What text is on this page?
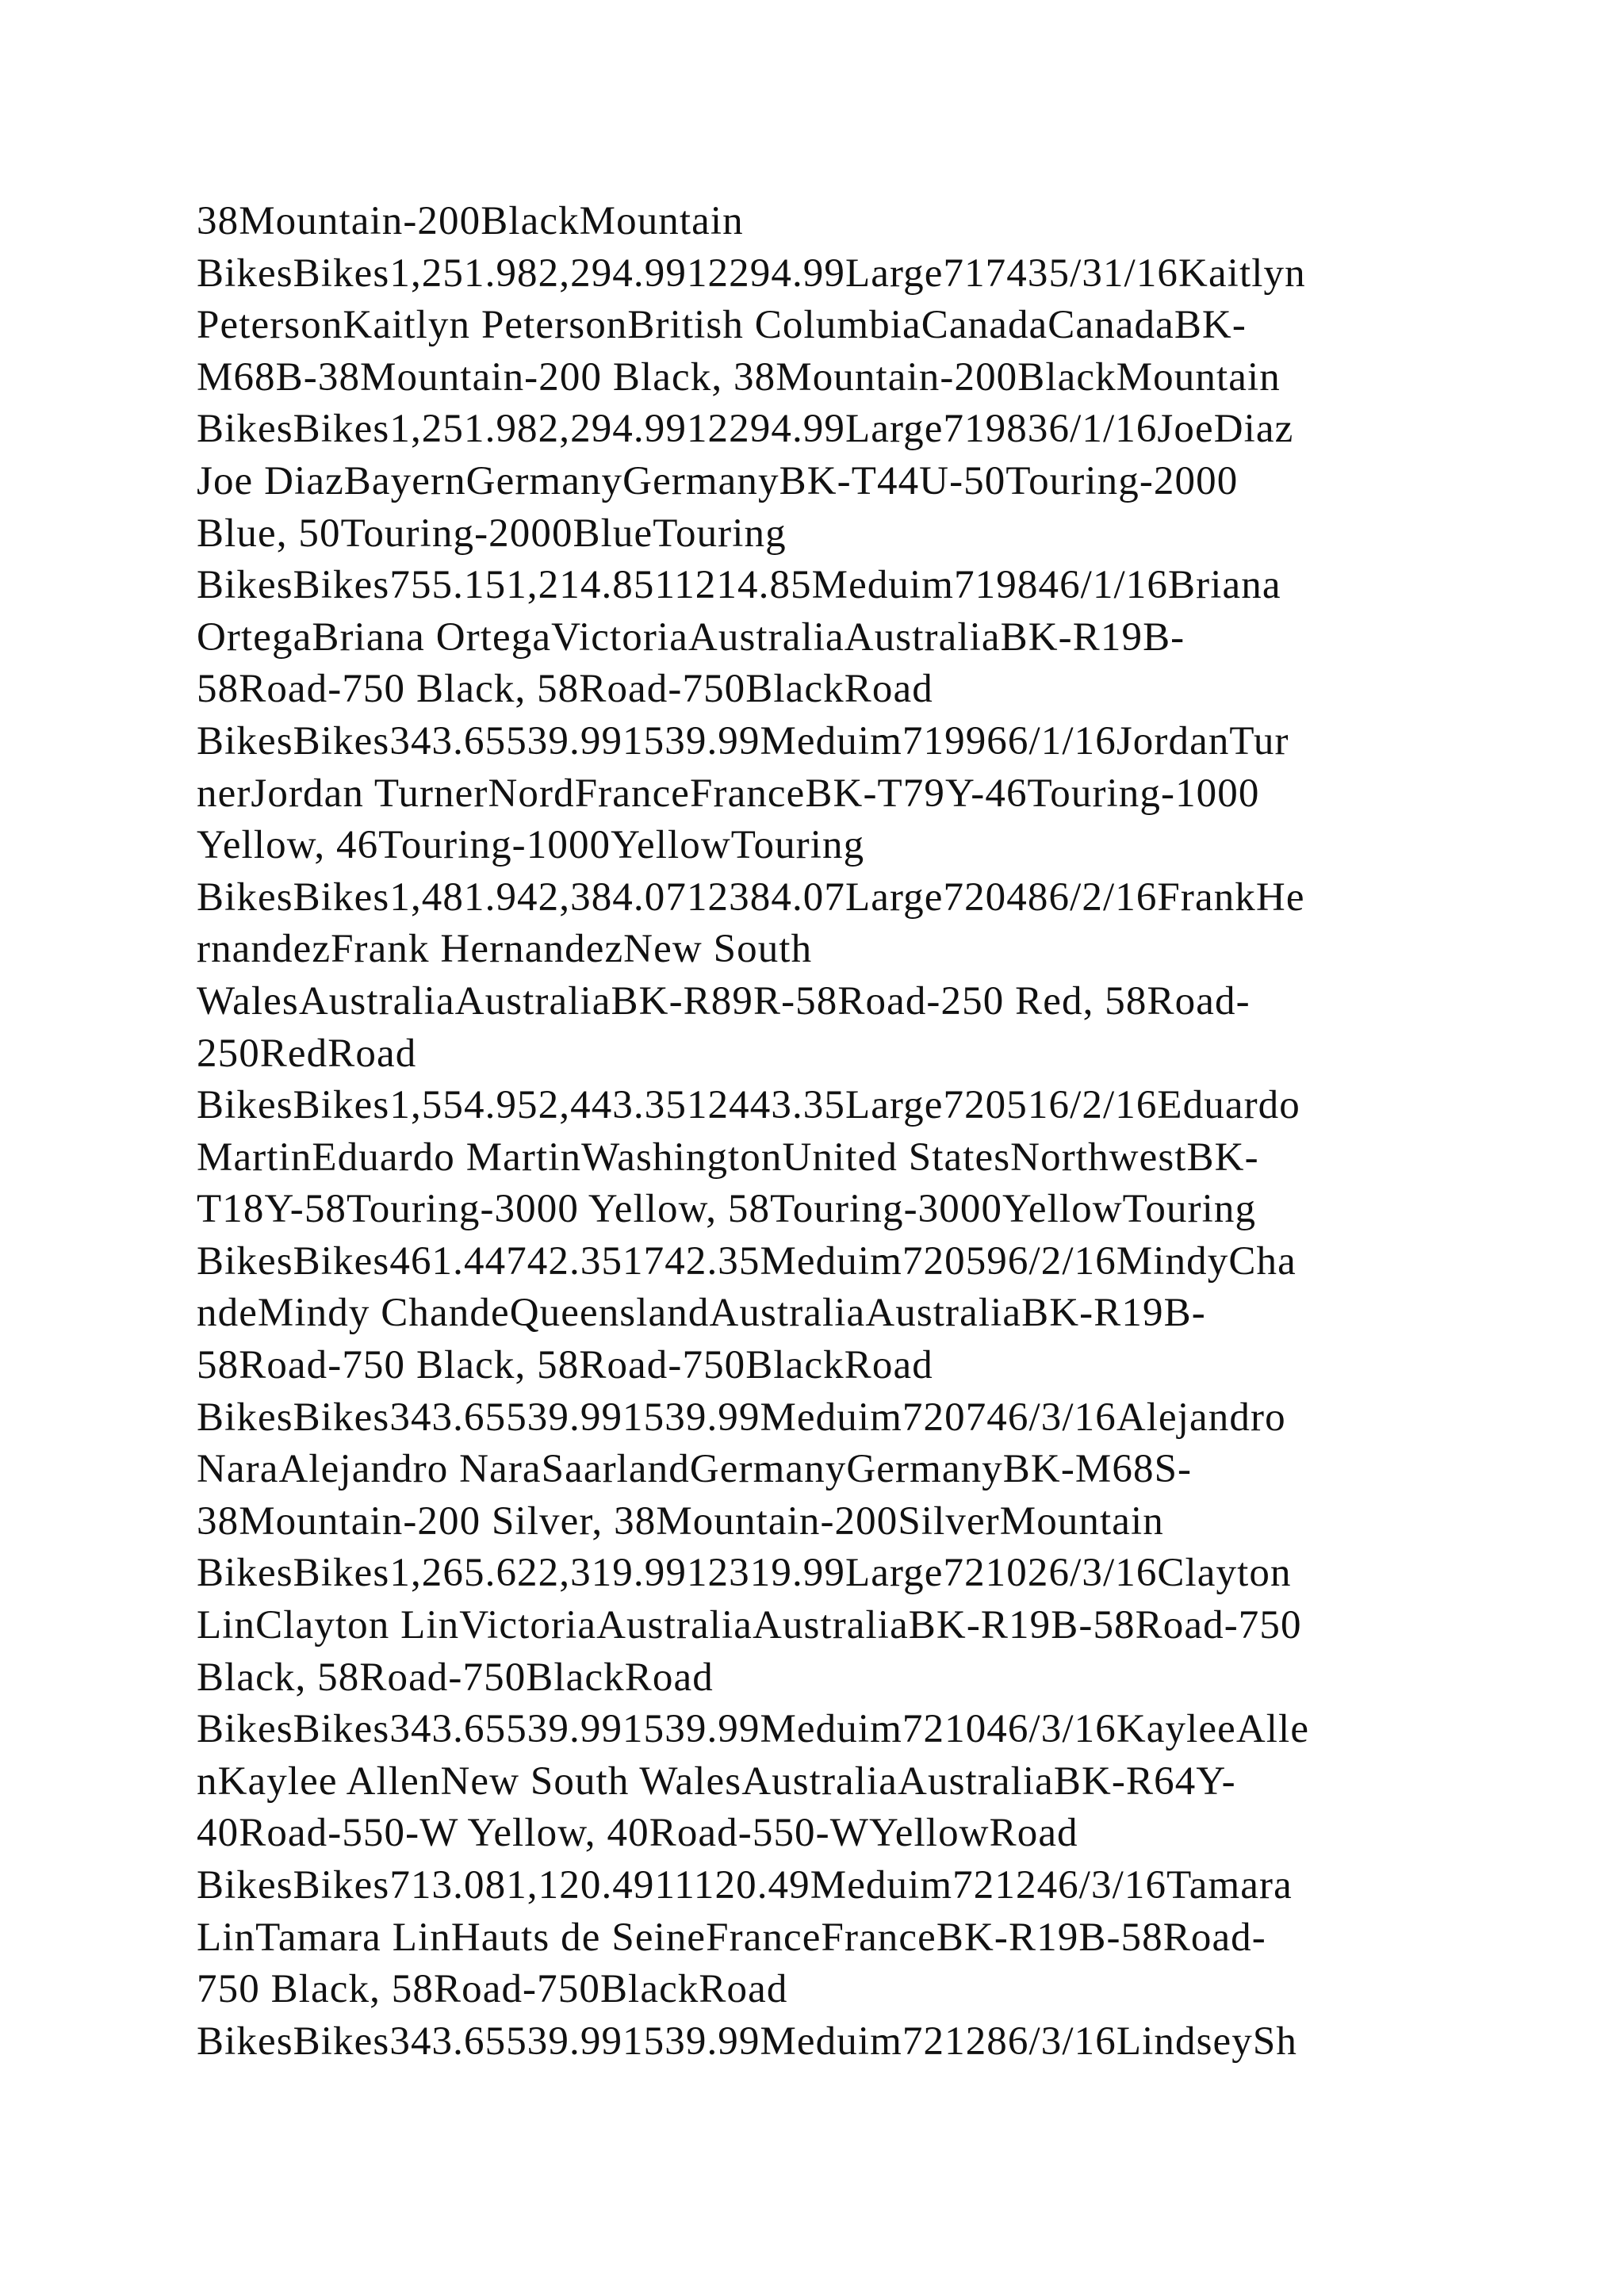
38Mountain-200BlackMountain
BikesBikes1,251.982,294.9912294.99Large717435/31/16Kaitlyn
PetersonKaitlyn PetersonBritish ColumbiaCanadaCanadaBK-
M68B-38Mountain-200 Black, 38Mountain-200BlackMountain
BikesBikes1,251.982,294.9912294.99Large719836/1/16JoeDiaz
Joe DiazBayernGermanyGermanyBK-T44U-50Touring-2000
Blue, 50Touring-2000BlueTouring
BikesBikes755.151,214.8511214.85Meduim719846/1/16Briana
OrtegaBriana OrtegaVictoriaAustraliaAustraliaBK-R19B-
58Road-750 Black, 58Road-750BlackRoad
BikesBikes343.65539.991539.99Meduim719966/1/16JordanTur
nerJordan TurnerNordFranceFranceBK-T79Y-46Touring-1000
Yellow, 46Touring-1000YellowTouring
BikesBikes1,481.942,384.0712384.07Large720486/2/16FrankHe
rnandezFrank HernandezNew South
WalesAustraliaAustraliaBK-R89R-58Road-250 Red, 58Road-
250RedRoad
BikesBikes1,554.952,443.3512443.35Large720516/2/16Eduardo
MartinEduardo MartinWashingtonUnited StatesNorthwestBK-
T18Y-58Touring-3000 Yellow, 58Touring-3000YellowTouring
BikesBikes461.44742.351742.35Meduim720596/2/16MindyCha
ndeMindy ChandeQueenslandAustraliaAustraliaBK-R19B-
58Road-750 Black, 58Road-750BlackRoad
BikesBikes343.65539.991539.99Meduim720746/3/16Alejandro
NaraAlejandro NaraSaarlandGermanyGermanyBK-M68S-
38Mountain-200 Silver, 38Mountain-200SilverMountain
BikesBikes1,265.622,319.9912319.99Large721026/3/16Clayton
LinClayton LinVictoriaAustraliaAustraliaBK-R19B-58Road-750
Black, 58Road-750BlackRoad
BikesBikes343.65539.991539.99Meduim721046/3/16KayleeAlle
nKaylee AllenNew South WalesAustraliaAustraliaBK-R64Y-
40Road-550-W Yellow, 40Road-550-WYellowRoad
BikesBikes713.081,120.4911120.49Meduim721246/3/16Tamara
LinTamara LinHauts de SeineFranceFranceBK-R19B-58Road-
750 Black, 58Road-750BlackRoad
BikesBikes343.65539.991539.99Meduim721286/3/16LindseySh
